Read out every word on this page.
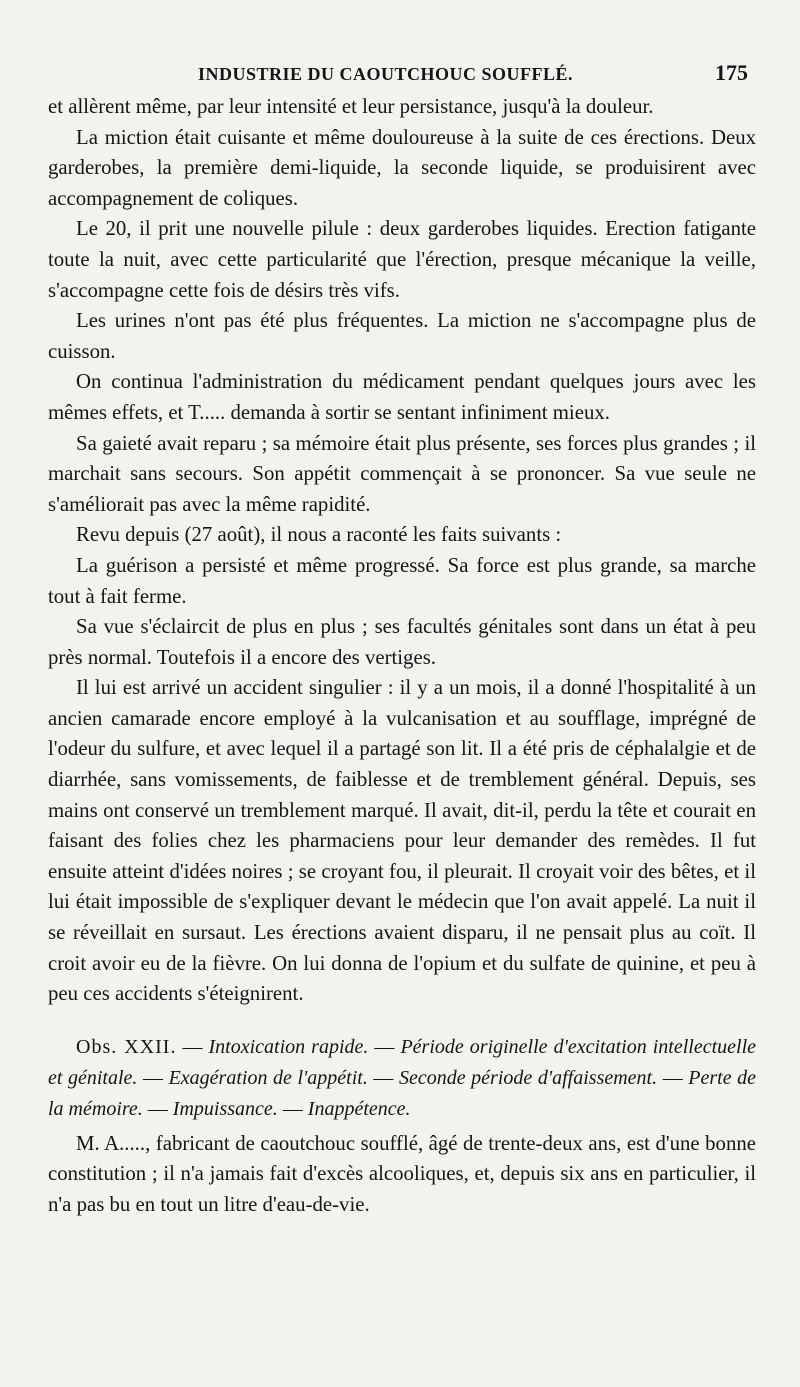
INDUSTRIE DU CAOUTCHOUC SOUFFLÉ.	175

et allèrent même, par leur intensité et leur persistance, jusqu'à la douleur.

La miction était cuisante et même douloureuse à la suite de ces érections. Deux garderobes, la première demi-liquide, la seconde liquide, se produisirent avec accompagnement de coliques.

Le 20, il prit une nouvelle pilule : deux garderobes liquides. Erection fatigante toute la nuit, avec cette particularité que l'érection, presque mécanique la veille, s'accompagne cette fois de désirs très vifs.

Les urines n'ont pas été plus fréquentes. La miction ne s'accompagne plus de cuisson.

On continua l'administration du médicament pendant quelques jours avec les mêmes effets, et T..... demanda à sortir se sentant infiniment mieux.

Sa gaieté avait reparu ; sa mémoire était plus présente, ses forces plus grandes ; il marchait sans secours. Son appétit commençait à se prononcer. Sa vue seule ne s'améliorait pas avec la même rapidité.

Revu depuis (27 août), il nous a raconté les faits suivants :

La guérison a persisté et même progressé. Sa force est plus grande, sa marche tout à fait ferme.

Sa vue s'éclaircit de plus en plus ; ses facultés génitales sont dans un état à peu près normal. Toutefois il a encore des vertiges.

Il lui est arrivé un accident singulier : il y a un mois, il a donné l'hospitalité à un ancien camarade encore employé à la vulcanisation et au soufflage, imprégné de l'odeur du sulfure, et avec lequel il a partagé son lit. Il a été pris de céphalalgie et de diarrhée, sans vomissements, de faiblesse et de tremblement général. Depuis, ses mains ont conservé un tremblement marqué. Il avait, dit-il, perdu la tête et courait en faisant des folies chez les pharmaciens pour leur demander des remèdes. Il fut ensuite atteint d'idées noires ; se croyant fou, il pleurait. Il croyait voir des bêtes, et il lui était impossible de s'expliquer devant le médecin que l'on avait appelé. La nuit il se réveillait en sursaut. Les érections avaient disparu, il ne pensait plus au coït. Il croit avoir eu de la fièvre. On lui donna de l'opium et du sulfate de quinine, et peu à peu ces accidents s'éteignirent.

Obs. XXII. — Intoxication rapide. — Période originelle d'excitation intellectuelle et génitale. — Exagération de l'appétit. — Seconde période d'affaissement. — Perte de la mémoire. — Impuissance. — Inappétence.

M. A....., fabricant de caoutchouc soufflé, âgé de trente-deux ans, est d'une bonne constitution ; il n'a jamais fait d'excès alcooliques, et, depuis six ans en particulier, il n'a pas bu en tout un litre d'eau-de-vie.
